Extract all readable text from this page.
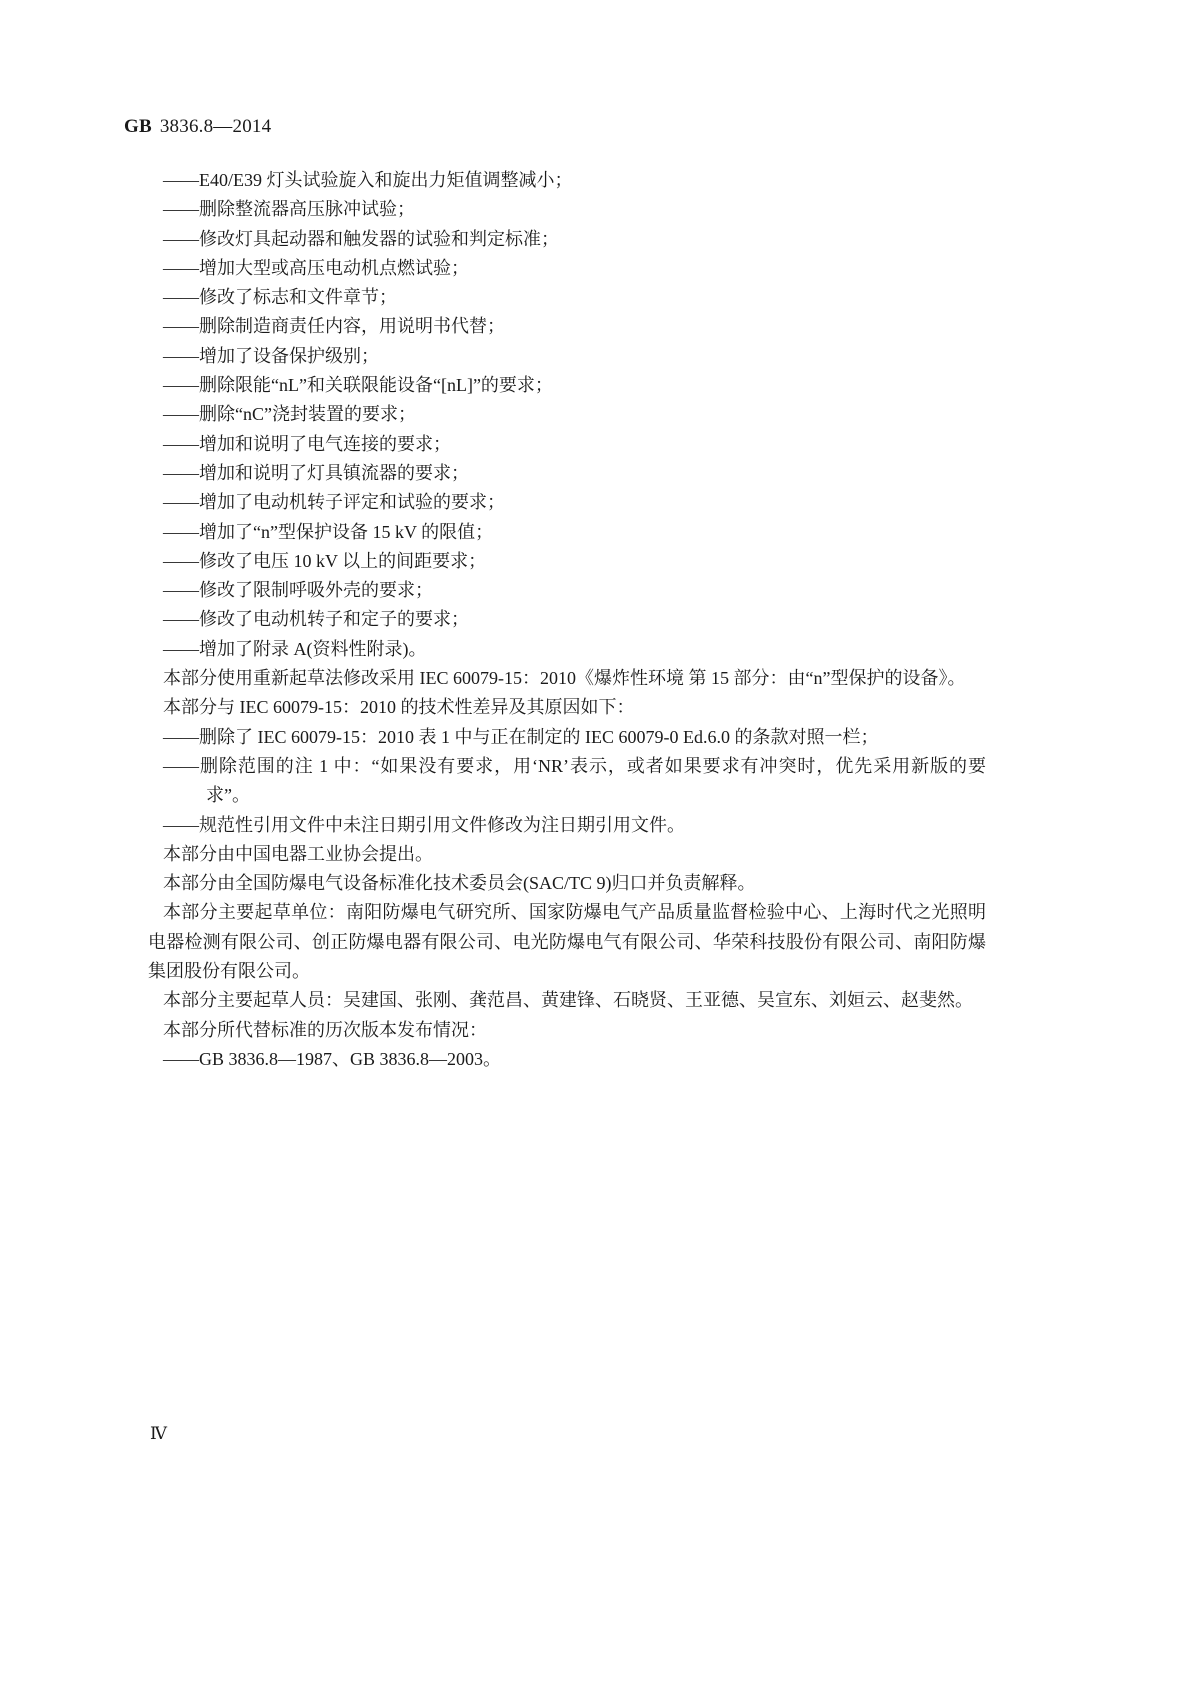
GB 3836.8—2014
——E40/E39 灯头试验旋入和旋出力矩值调整减小；
——删除整流器高压脉冲试验；
——修改灯具起动器和触发器的试验和判定标准；
——增加大型或高压电动机点燃试验；
——修改了标志和文件章节；
——删除制造商责任内容，用说明书代替；
——增加了设备保护级别；
——删除限能“nL”和关联限能设备“[nL]”的要求；
——删除“nC”浇封装置的要求；
——增加和说明了电气连接的要求；
——增加和说明了灯具镇流器的要求；
——增加了电动机转子评定和试验的要求；
——增加了“n”型保护设备 15 kV 的限值；
——修改了电压 10 kV 以上的间距要求；
——修改了限制呼吸外壳的要求；
——修改了电动机转子和定子的要求；
——增加了附录 A(资料性附录)。
本部分使用重新起草法修改采用 IEC 60079-15：2010《爆炸性环境 第 15 部分：由“n”型保护的设备》。
本部分与 IEC 60079-15：2010 的技术性差异及其原因如下：
——删除了 IEC 60079-15：2010 表 1 中与正在制定的 IEC 60079-0 Ed.6.0 的条款对照一栏；
——删除范围的注 1 中：“如果没有要求，用‘NR’表示，或者如果要求有冲突时，优先采用新版的要求”。
——规范性引用文件中未注日期引用文件修改为注日期引用文件。
本部分由中国电器工业协会提出。
本部分由全国防爆电气设备标准化技术委员会(SAC/TC 9)归口并负责解释。
本部分主要起草单位：南阳防爆电气研究所、国家防爆电气产品质量监督检验中心、上海时代之光照明电器检测有限公司、创正防爆电器有限公司、电光防爆电气有限公司、华荣科技股份有限公司、南阳防爆集团股份有限公司。
本部分主要起草人员：吴建国、张刚、龚范昌、黄建锋、石晓贤、王亚德、吴宣东、刘姮云、赵斐然。
本部分所代替标准的历次版本发布情况：
——GB 3836.8—1987、GB 3836.8—2003。
Ⅳ
